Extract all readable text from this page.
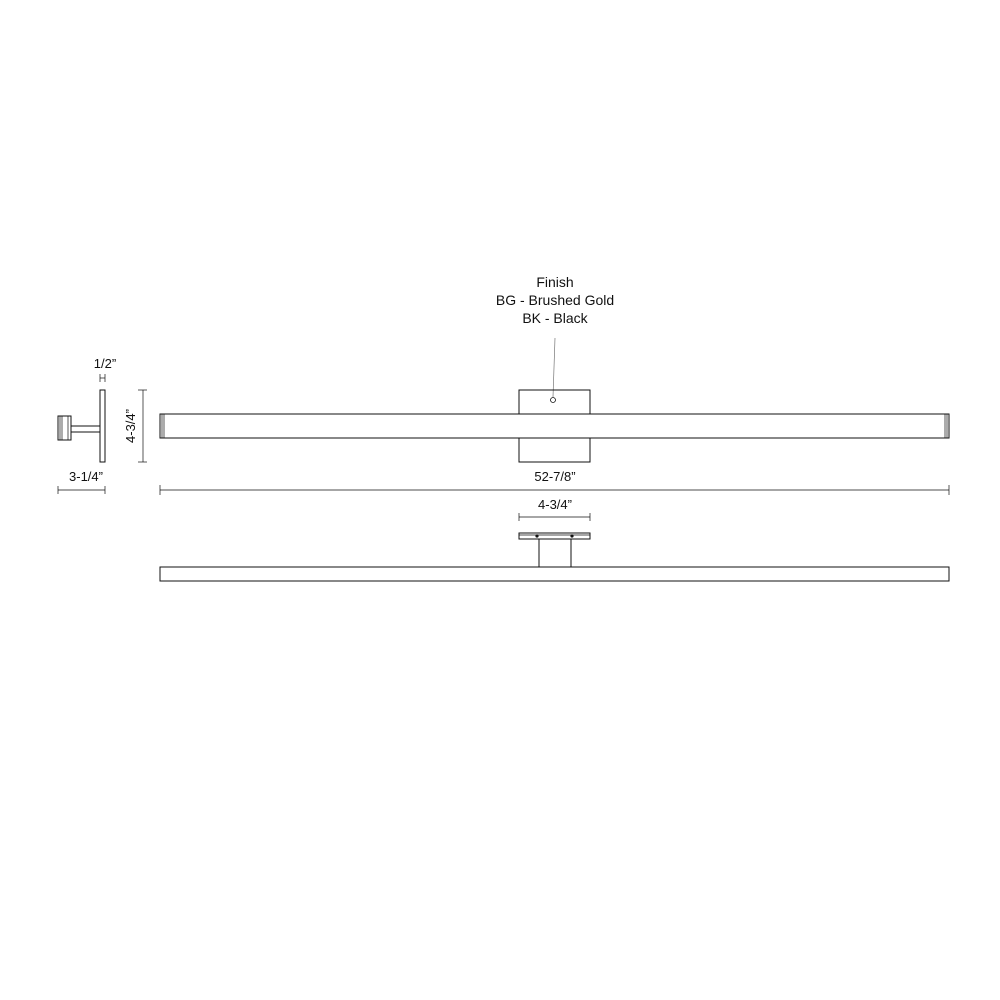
Finish
BG - Brushed Gold
BK - Black
1/2”
3-1/4”
4-3/4”
52-7/8”
4-3/4”
